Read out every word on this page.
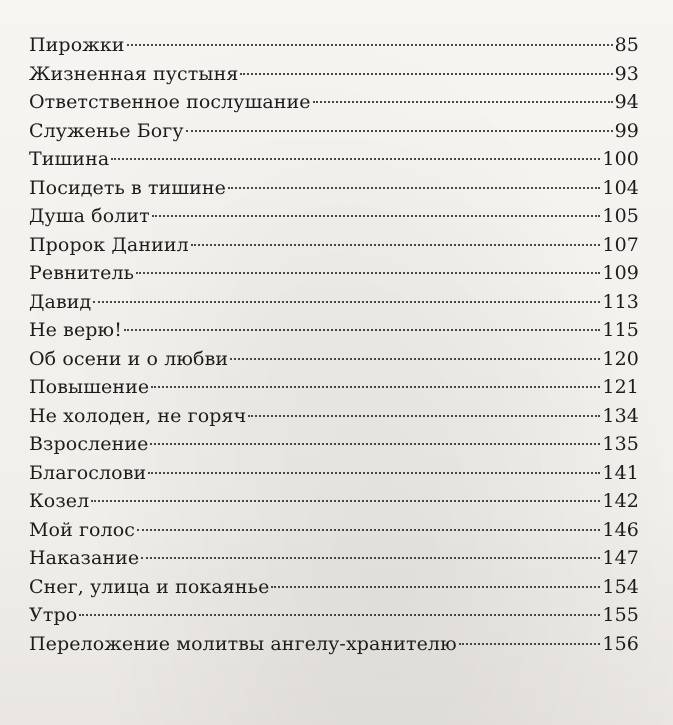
Пирожки	85
Жизненная пустыня	93
Ответственное послушание	94
Служенье Богу	99
Тишина	100
Посидеть в тишине	104
Душа болит	105
Пророк Даниил	107
Ревнитель	109
Давид	113
Не верю!	115
Об осени и о любви	120
Повышение	121
Не холоден, не горяч	134
Взросление	135
Благослови	141
Козел	142
Мой голос	146
Наказание	147
Снег, улица и покаянье	154
Утро	155
Переложение молитвы ангелу-хранителю	156
